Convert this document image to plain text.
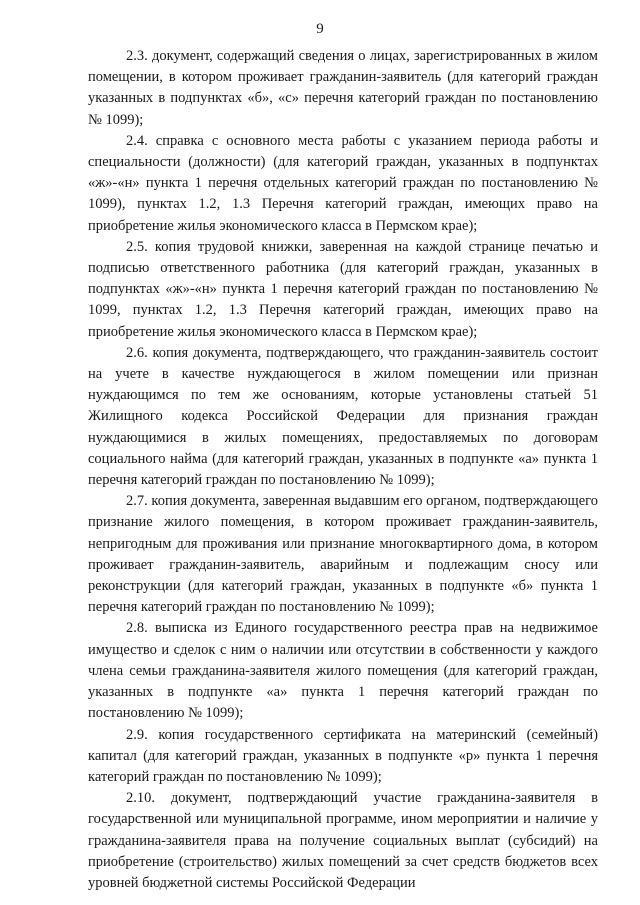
9

2.3. документ, содержащий сведения о лицах, зарегистрированных в жилом помещении, в котором проживает гражданин-заявитель (для категорий граждан указанных в подпунктах «б», «с» перечня категорий граждан по постановлению № 1099);

2.4. справка с основного места работы с указанием периода работы и специальности (должности) (для категорий граждан, указанных в подпунктах «ж»-«н» пункта 1 перечня отдельных категорий граждан по постановлению № 1099), пунктах 1.2, 1.3 Перечня категорий граждан, имеющих право на приобретение жилья экономического класса в Пермском крае);

2.5. копия трудовой книжки, заверенная на каждой странице печатью и подписью ответственного работника (для категорий граждан, указанных в подпунктах «ж»-«н» пункта 1 перечня категорий граждан по постановлению № 1099, пунктах 1.2, 1.3 Перечня категорий граждан, имеющих право на приобретение жилья экономического класса в Пермском крае);

2.6. копия документа, подтверждающего, что гражданин-заявитель состоит на учете в качестве нуждающегося в жилом помещении или признан нуждающимся по тем же основаниям, которые установлены статьей 51 Жилищного кодекса Российской Федерации для признания граждан нуждающимися в жилых помещениях, предоставляемых по договорам социального найма (для категорий граждан, указанных в подпункте «а» пункта 1 перечня категорий граждан по постановлению № 1099);

2.7. копия документа, заверенная выдавшим его органом, подтверждающего признание жилого помещения, в котором проживает гражданин-заявитель, непригодным для проживания или признание многоквартирного дома, в котором проживает гражданин-заявитель, аварийным и подлежащим сносу или реконструкции (для категорий граждан, указанных в подпункте «б» пункта 1 перечня категорий граждан по постановлению № 1099);

2.8. выписка из Единого государственного реестра прав на недвижимое имущество и сделок с ним о наличии или отсутствии в собственности у каждого члена семьи гражданина-заявителя жилого помещения (для категорий граждан, указанных в подпункте «а» пункта 1 перечня категорий граждан по постановлению № 1099);

2.9. копия государственного сертификата на материнский (семейный) капитал (для категорий граждан, указанных в подпункте «р» пункта 1 перечня категорий граждан по постановлению № 1099);

2.10. документ, подтверждающий участие гражданина-заявителя в государственной или муниципальной программе, ином мероприятии и наличие у гражданина-заявителя права на получение социальных выплат (субсидий) на приобретение (строительство) жилых помещений за счет средств бюджетов всех уровней бюджетной системы Российской Федерации
